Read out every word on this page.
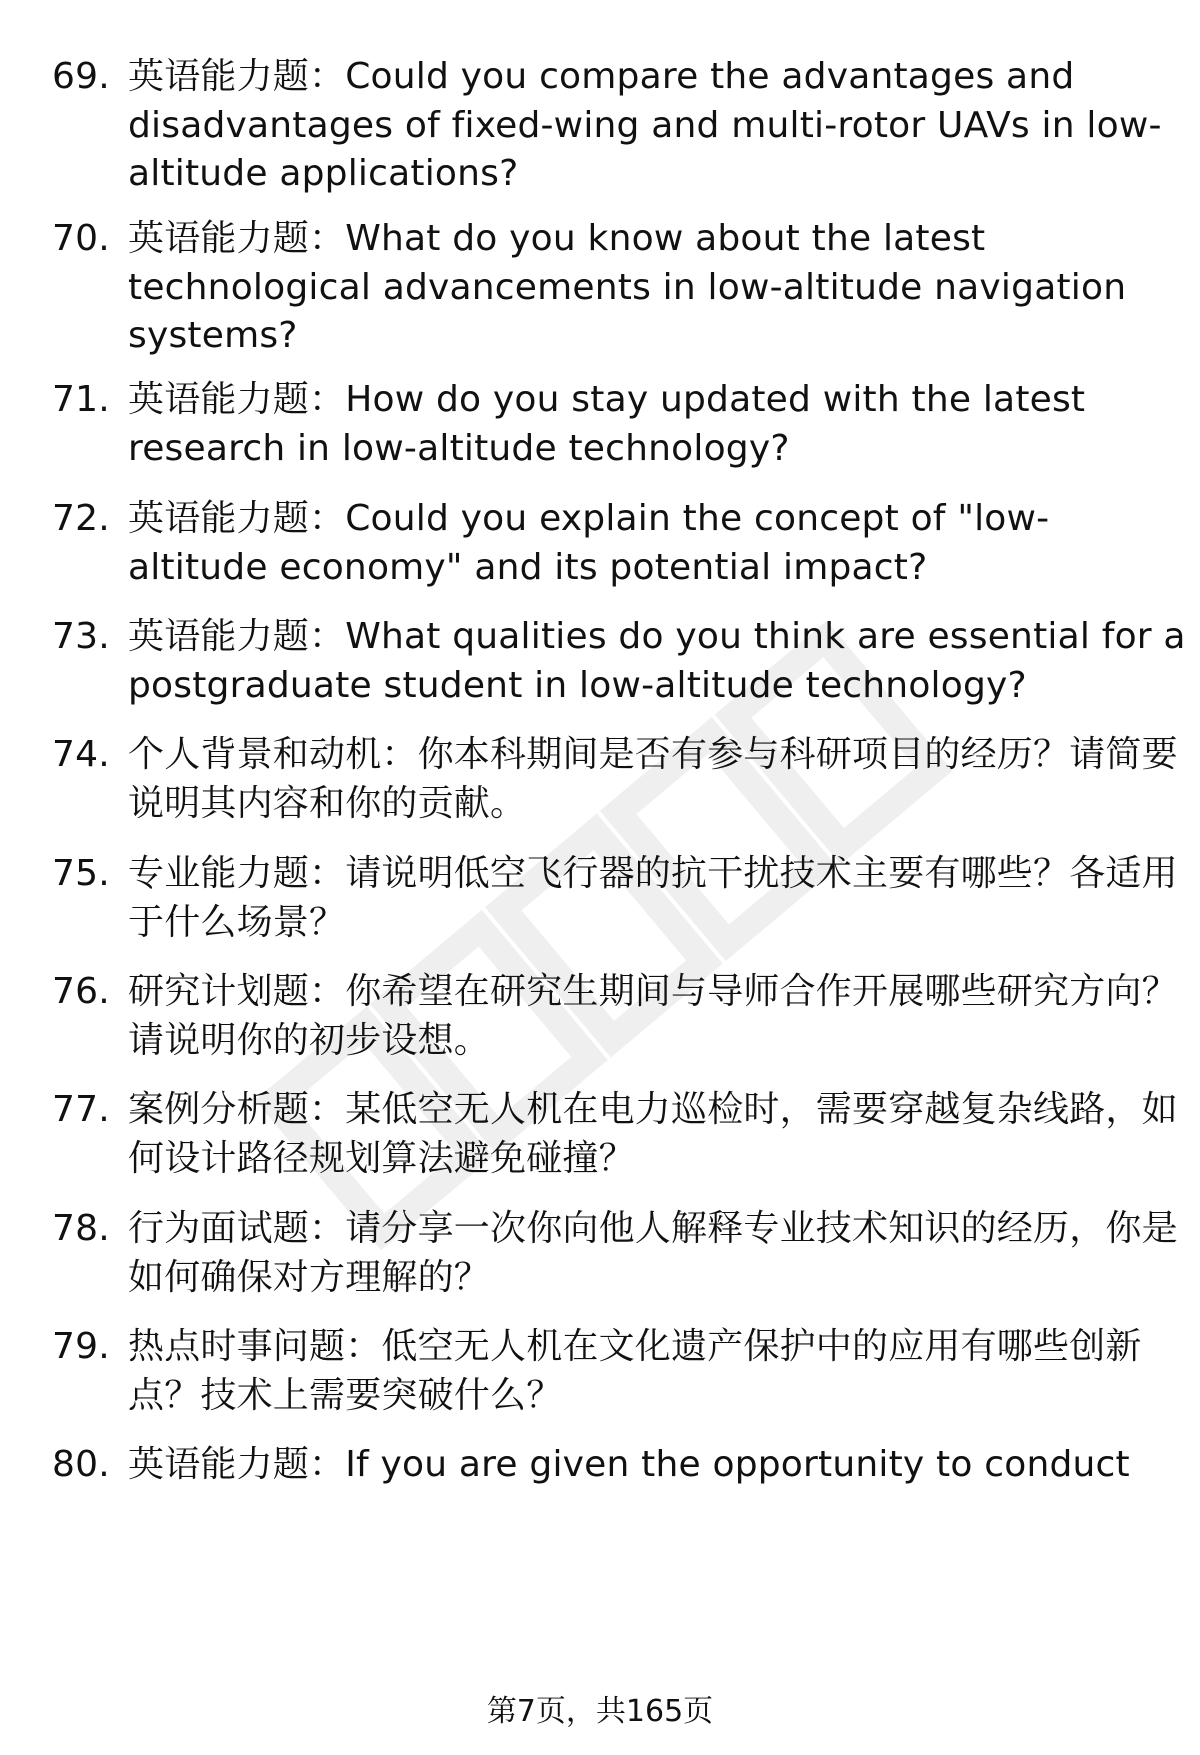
69. 英语能力题：Could you compare the advantages and disadvantages of fixed-wing and multi-rotor UAVs in low-altitude applications?
70. 英语能力题：What do you know about the latest technological advancements in low-altitude navigation systems?
71. 英语能力题：How do you stay updated with the latest research in low-altitude technology?
72. 英语能力题：Could you explain the concept of "low-altitude economy" and its potential impact?
73. 英语能力题：What qualities do you think are essential for a postgraduate student in low-altitude technology?
74. 个人背景和动机：你本科期间是否有参与科研项目的经历？请简要说明其内容和你的贡献。
75. 专业能力题：请说明低空飞行器的抗干扰技术主要有哪些？各适用于什么场景？
76. 研究计划题：你希望在研究生期间与导师合作开展哪些研究方向？请说明你的初步设想。
77. 案例分析题：某低空无人机在电力巡检时，需要穿越复杂线路，如何设计路径规划算法避免碰撞？
78. 行为面试题：请分享一次你向他人解释专业技术知识的经历，你是如何确保对方理解的？
79. 热点时事问题：低空无人机在文化遗产保护中的应用有哪些创新点？技术上需要突破什么？
80. 英语能力题：If you are given the opportunity to conduct
第7页，共165页
